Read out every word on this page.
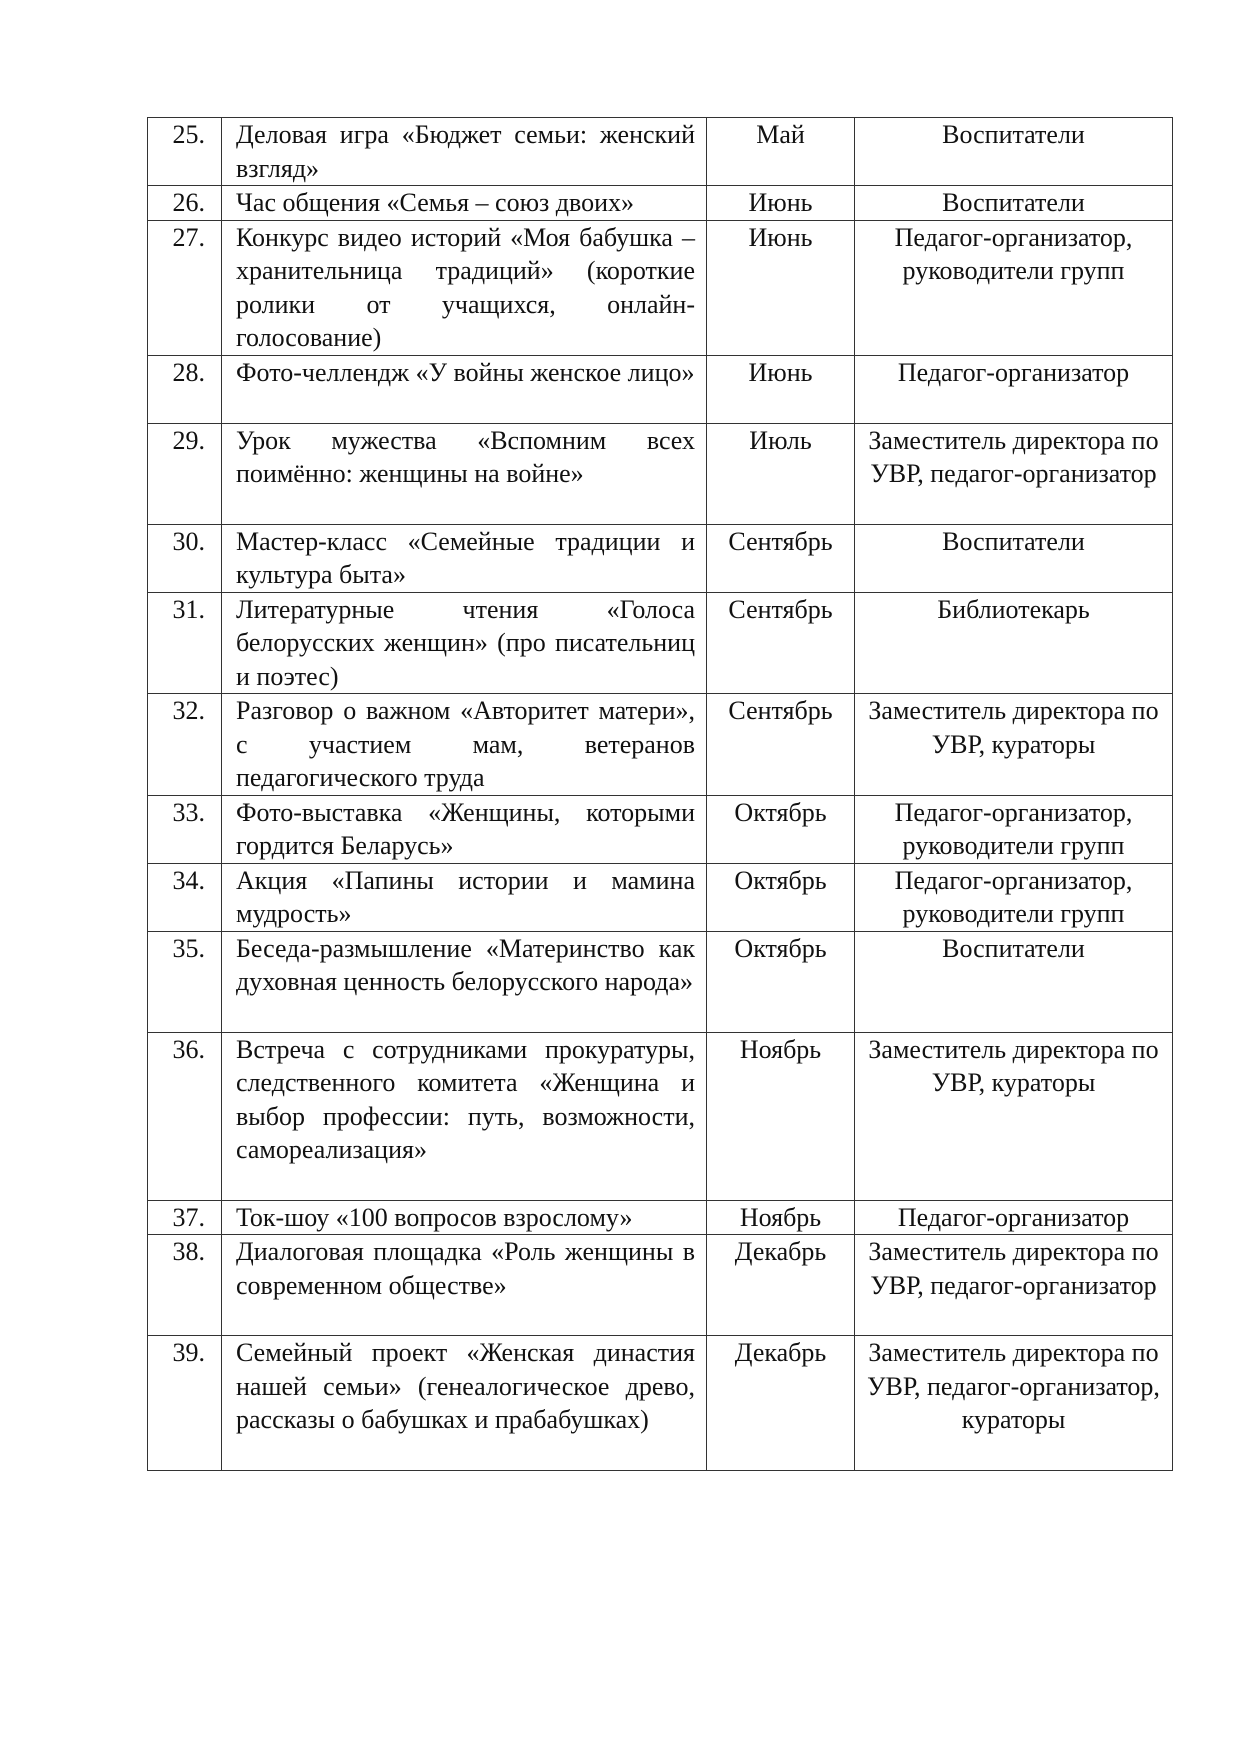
25.	Деловая игра «Бюджет семьи: женский взгляд»	Май	Воспитатели
26.	Час общения «Семья – союз двоих»	Июнь	Воспитатели
27.	Конкурс видео историй «Моя бабушка – хранительница традиций» (короткие ролики от учащихся, онлайн-голосование)	Июнь	Педагог-организатор, руководители групп
28.	Фото-челлендж «У войны женское лицо»	Июнь	Педагог-организатор
29.	Урок мужества «Вспомним всех поимённо: женщины на войне»	Июль	Заместитель директора по УВР, педагог-организатор
30.	Мастер-класс «Семейные традиции и культура быта»	Сентябрь	Воспитатели
31.	Литературные чтения «Голоса белорусских женщин» (про писательниц и поэтес)	Сентябрь	Библиотекарь
32.	Разговор о важном «Авторитет матери», с участием мам, ветеранов педагогического труда	Сентябрь	Заместитель директора по УВР, кураторы
33.	Фото-выставка «Женщины, которыми гордится Беларусь»	Октябрь	Педагог-организатор, руководители групп
34.	Акция «Папины истории и мамина мудрость»	Октябрь	Педагог-организатор, руководители групп
35.	Беседа-размышление «Материнство как духовная ценность белорусского народа»	Октябрь	Воспитатели
36.	Встреча с сотрудниками прокуратуры, следственного комитета «Женщина и выбор профессии: путь, возможности, самореализация»	Ноябрь	Заместитель директора по УВР, кураторы
37.	Ток-шоу «100 вопросов взрослому»	Ноябрь	Педагог-организатор
38.	Диалоговая площадка «Роль женщины в современном обществе»	Декабрь	Заместитель директора по УВР, педагог-организатор
39.	Семейный проект «Женская династия нашей семьи» (генеалогическое древо, рассказы о бабушках и прабабушках)	Декабрь	Заместитель директора по УВР, педагог-организатор, кураторы
